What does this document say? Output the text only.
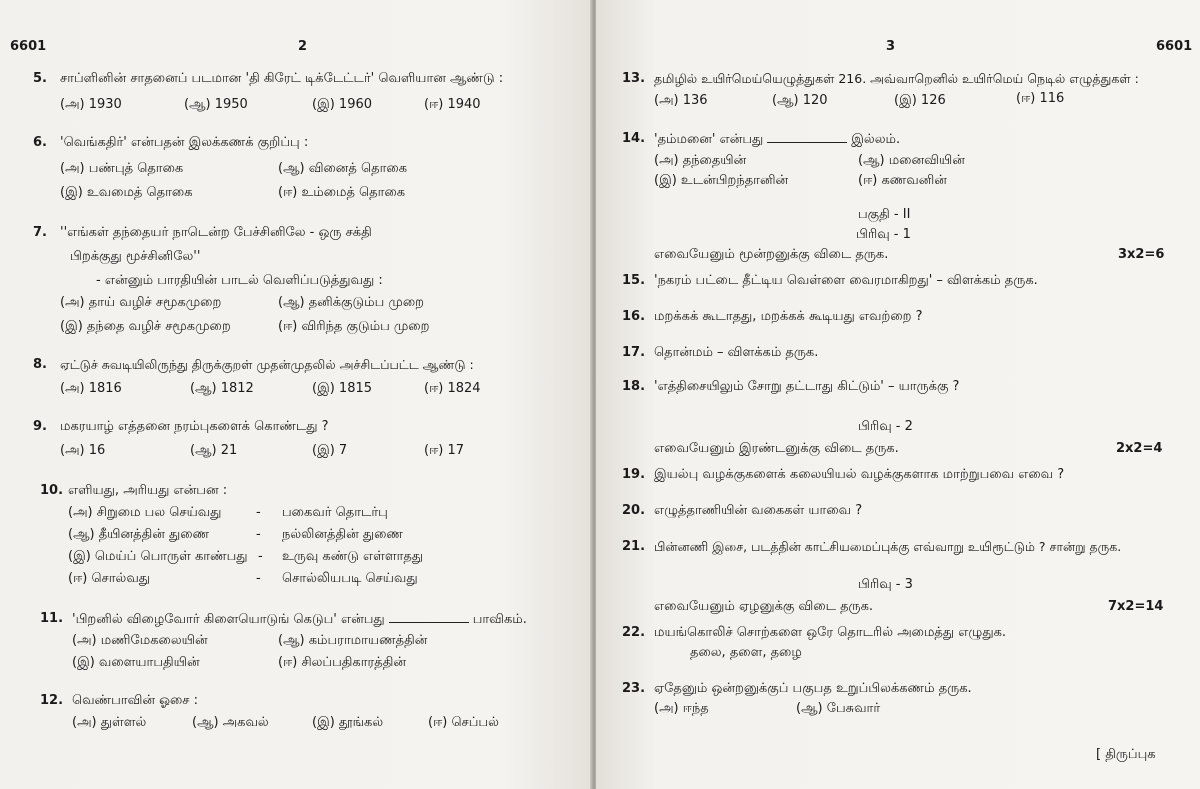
6601	2
5. சாப்ளினின் சாதனைப் படமான 'தி கிரேட் டிக்டேட்டர்' வெளியான ஆண்டு :
(அ) 1930	(ஆ) 1950	(இ) 1960	(ஈ) 1940
6. 'வெங்கதிர்' என்பதன் இலக்கணக் குறிப்பு :
(அ) பண்புத் தொகை	(ஆ) வினைத் தொகை
(இ) உவமைத் தொகை	(ஈ) உம்மைத் தொகை
7. ''எங்கள் தந்தையர் நாடென்ற பேச்சினிலே - ஒரு சக்தி
பிறக்குது மூச்சினிலே''
- என்னும் பாரதியின் பாடல் வெளிப்படுத்துவது :
(அ) தாய் வழிச் சமூகமுறை	(ஆ) தனிக்குடும்ப முறை
(இ) தந்தை வழிச் சமூகமுறை	(ஈ) விரிந்த குடும்ப முறை
8. ஏட்டுச் சுவடியிலிருந்து திருக்குறள் முதன்முதலில் அச்சிடப்பட்ட ஆண்டு :
(அ) 1816	(ஆ) 1812	(இ) 1815	(ஈ) 1824
9. மகரயாழ் எத்தனை நரம்புகளைக் கொண்டது ?
(அ) 16	(ஆ) 21	(இ) 7	(ஈ) 17
10. எளியது, அரியது என்பன :
(அ) சிறுமை பல செய்வது	- பகைவர் தொடர்பு
(ஆ) தீயினத்தின் துணை	- நல்லினத்தின் துணை
(இ) மெய்ப் பொருள் காண்பது - உருவு கண்டு எள்ளாதது
(ஈ) சொல்வது	- சொல்லியபடி செய்வது
11. 'பிறனில் விழைவோர் கிளையொடுங் கெடுப' என்பது	பாவிகம்.
(அ) மணிமேகலையின்	(ஆ) கம்பராமாயணத்தின்
(இ) வளையாபதியின்	(ஈ) சிலப்பதிகாரத்தின்
12. வெண்பாவின் ஓசை :
(அ) துள்ளல்	(ஆ) அகவல்	(இ) தூங்கல்	(ஈ) செப்பல்
3	6601
13. தமிழில் உயிர்மெய்யெழுத்துகள் 216. அவ்வாறெனில் உயிர்மெய் நெடில் எழுத்துகள் :
(அ) 136	(ஆ) 120	(இ) 126	(ஈ) 116
14. 'தம்மனை' என்பது	இல்லம்.
(அ) தந்தையின்	(ஆ) மனைவியின்
(இ) உடன்பிறந்தானின்	(ஈ) கணவனின்
பகுதி - II
பிரிவு - 1
எவையேனும் மூன்றனுக்கு விடை தருக.	3x2=6
15. 'நகரம் பட்டை தீட்டிய வெள்ளை வைரமாகிறது' – விளக்கம் தருக.
16. மறக்கக் கூடாதது, மறக்கக் கூடியது எவற்றை ?
17. தொன்மம் – விளக்கம் தருக.
18. 'எத்திசையிலும் சோறு தட்டாது கிட்டும்' – யாருக்கு ?
பிரிவு - 2
எவையேனும் இரண்டனுக்கு விடை தருக.	2x2=4
19. இயல்பு வழக்குகளைக் கலையியல் வழக்குகளாக மாற்றுபவை எவை ?
20. எழுத்தாணியின் வகைகள் யாவை ?
21. பின்னணி இசை, படத்தின் காட்சியமைப்புக்கு எவ்வாறு உயிரூட்டும் ? சான்று தருக.
பிரிவு - 3
எவையேனும் ஏழனுக்கு விடை தருக.	7x2=14
22. மயங்கொலிச் சொற்களை ஒரே தொடரில் அமைத்து எழுதுக.
தலை, தளை, தழை
23. ஏதேனும் ஒன்றனுக்குப் பகுபத உறுப்பிலக்கணம் தருக.
(அ) ஈந்த	(ஆ) பேசுவார்
[ திருப்புக
